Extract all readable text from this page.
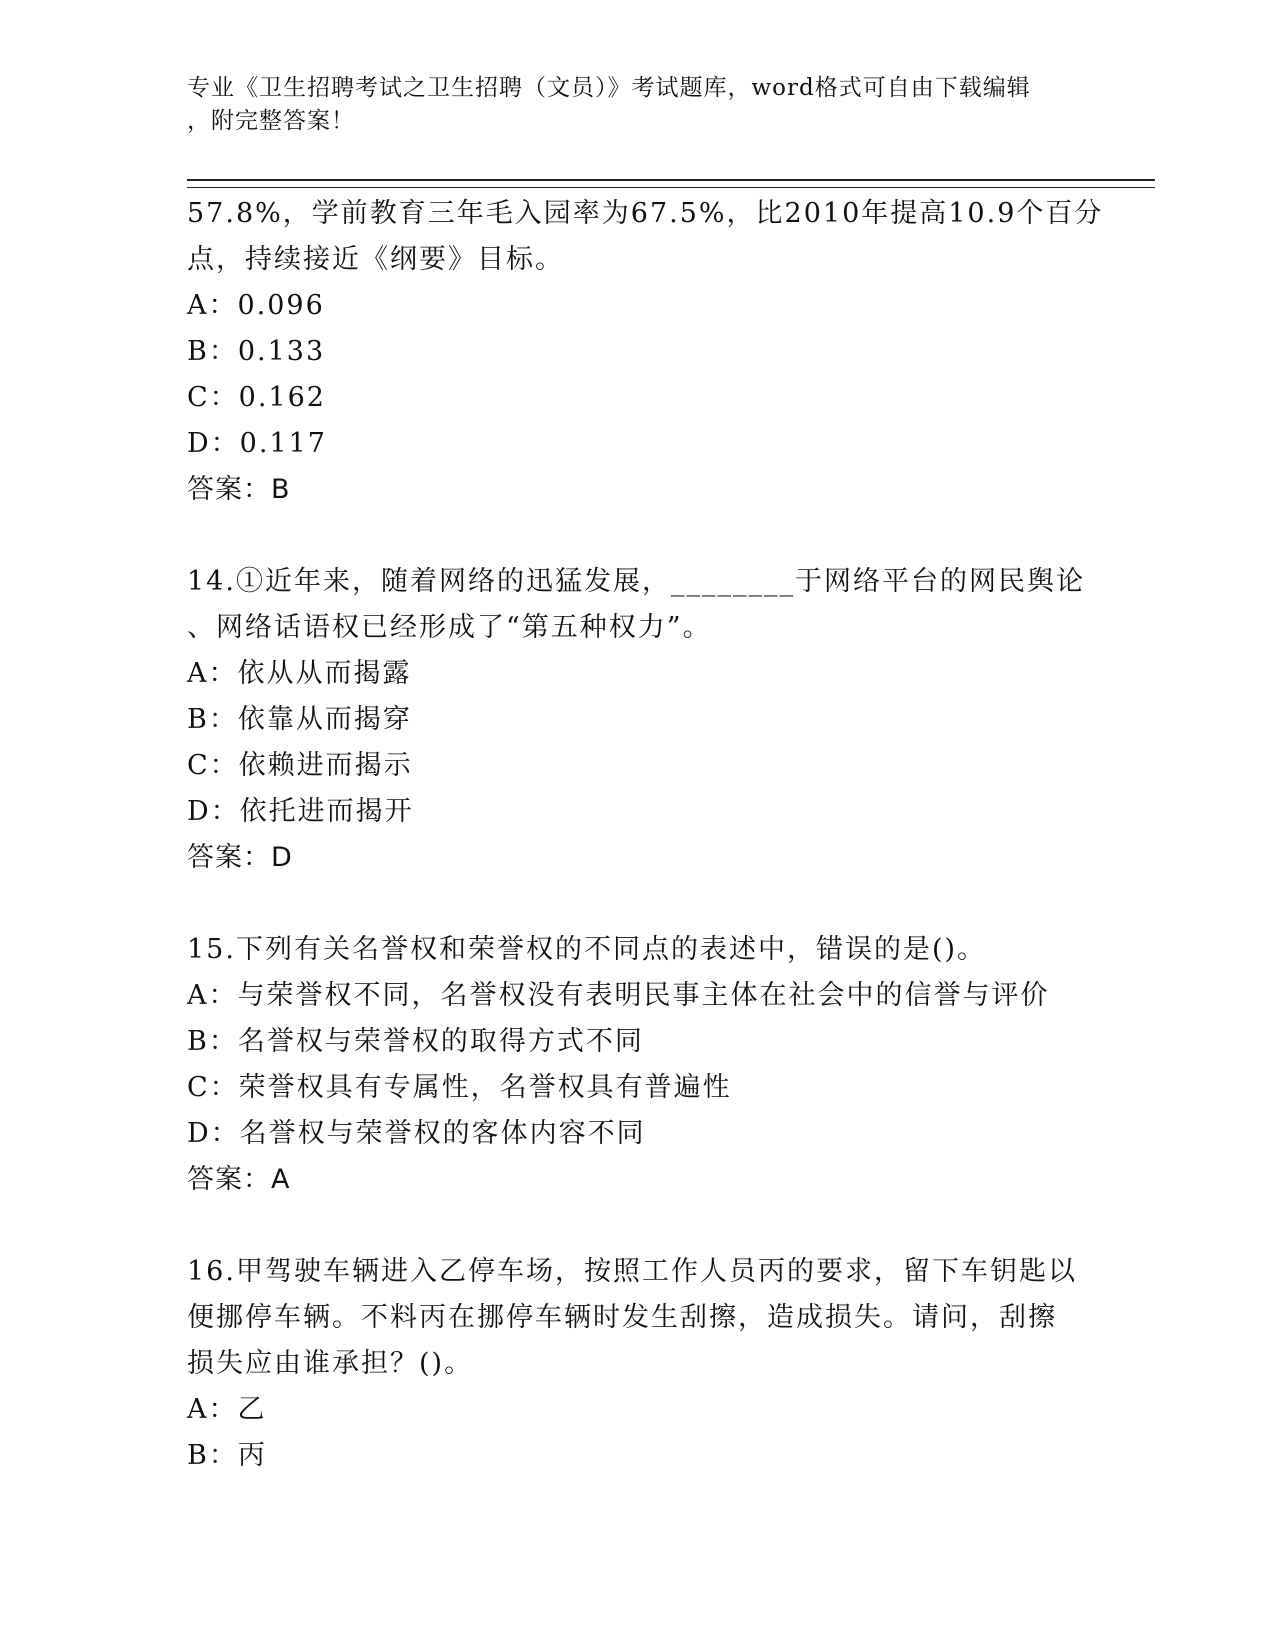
专业《卫生招聘考试之卫生招聘（文员）》考试题库，word格式可自由下载编辑
，附完整答案！
57.8%，学前教育三年毛入园率为67.5%，比2010年提高10.9个百分
点，持续接近《纲要》目标。
A：0.096
B：0.133
C：0.162
D：0.117
答案：B
14.①近年来，随着网络的迅猛发展，________于网络平台的网民舆论
、网络话语权已经形成了“第五种权力”。
A：依从从而揭露
B：依靠从而揭穿
C：依赖进而揭示
D：依托进而揭开
答案：D
15.下列有关名誉权和荣誉权的不同点的表述中，错误的是()。
A：与荣誉权不同，名誉权没有表明民事主体在社会中的信誉与评价
B：名誉权与荣誉权的取得方式不同
C：荣誉权具有专属性，名誉权具有普遍性
D：名誉权与荣誉权的客体内容不同
答案：A
16.甲驾驶车辆进入乙停车场，按照工作人员丙的要求，留下车钥匙以
便挪停车辆。不料丙在挪停车辆时发生刮擦，造成损失。请问，刮擦
损失应由谁承担？()。
A：乙
B：丙
